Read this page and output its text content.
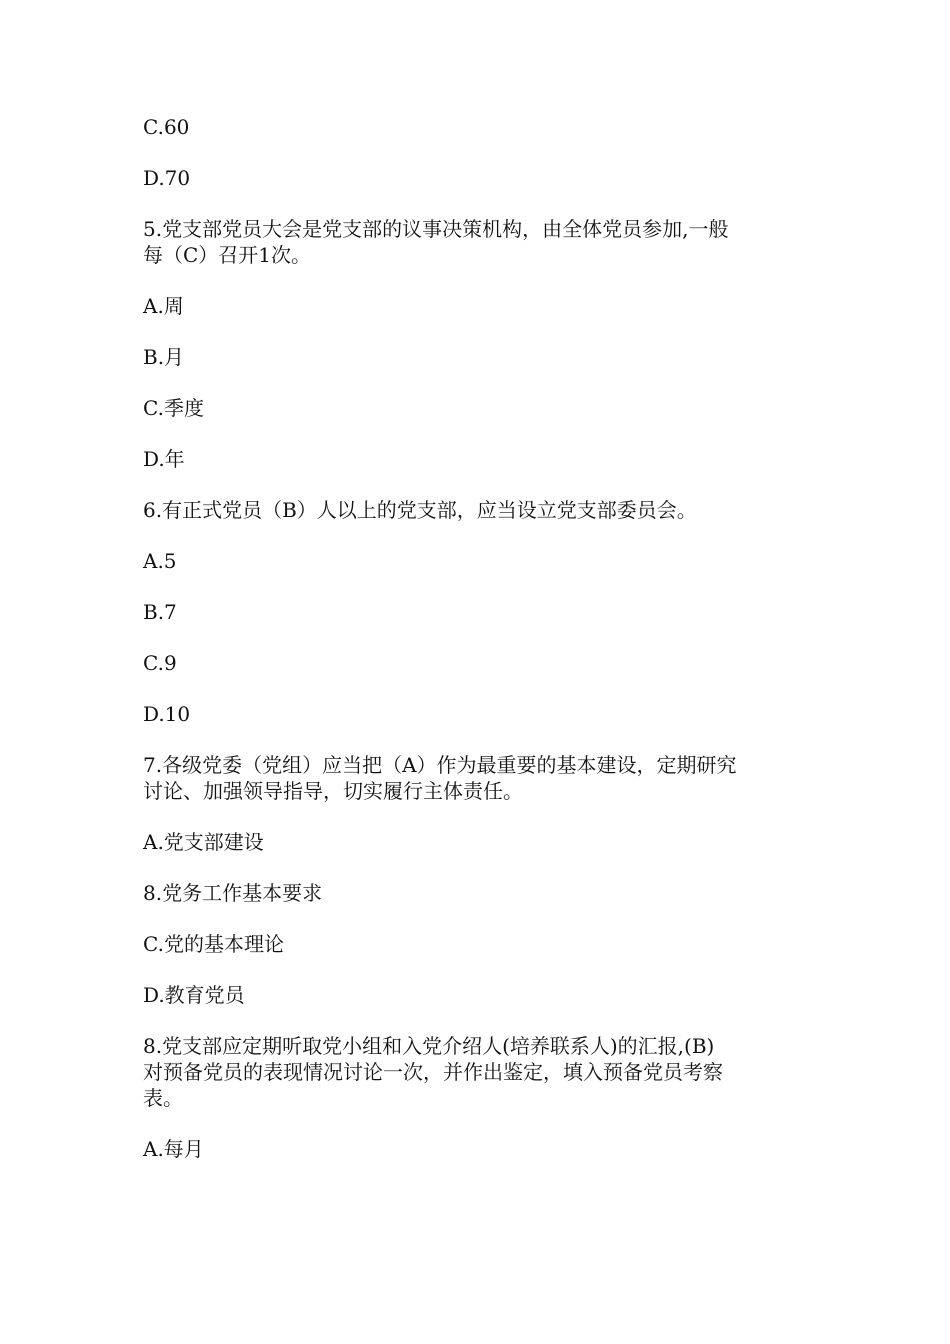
C.60

D.70

5.党支部党员大会是党支部的议事决策机构，由全体党员参加,一般

每（C）召开1次。

A.周

B.月

C.季度

D.年

6.有正式党员（B）人以上的党支部，应当设立党支部委员会。

A.5

B.7

C.9

D.10

7.各级党委（党组）应当把（A）作为最重要的基本建设，定期研究

讨论、加强领导指导，切实履行主体责任。

A.党支部建设

8.党务工作基本要求

C.党的基本理论

D.教育党员

8.党支部应定期听取党小组和入党介绍人(培养联系人)的汇报,(B)

对预备党员的表现情况讨论一次，并作出鉴定，填入预备党员考察

表。

A.每月
